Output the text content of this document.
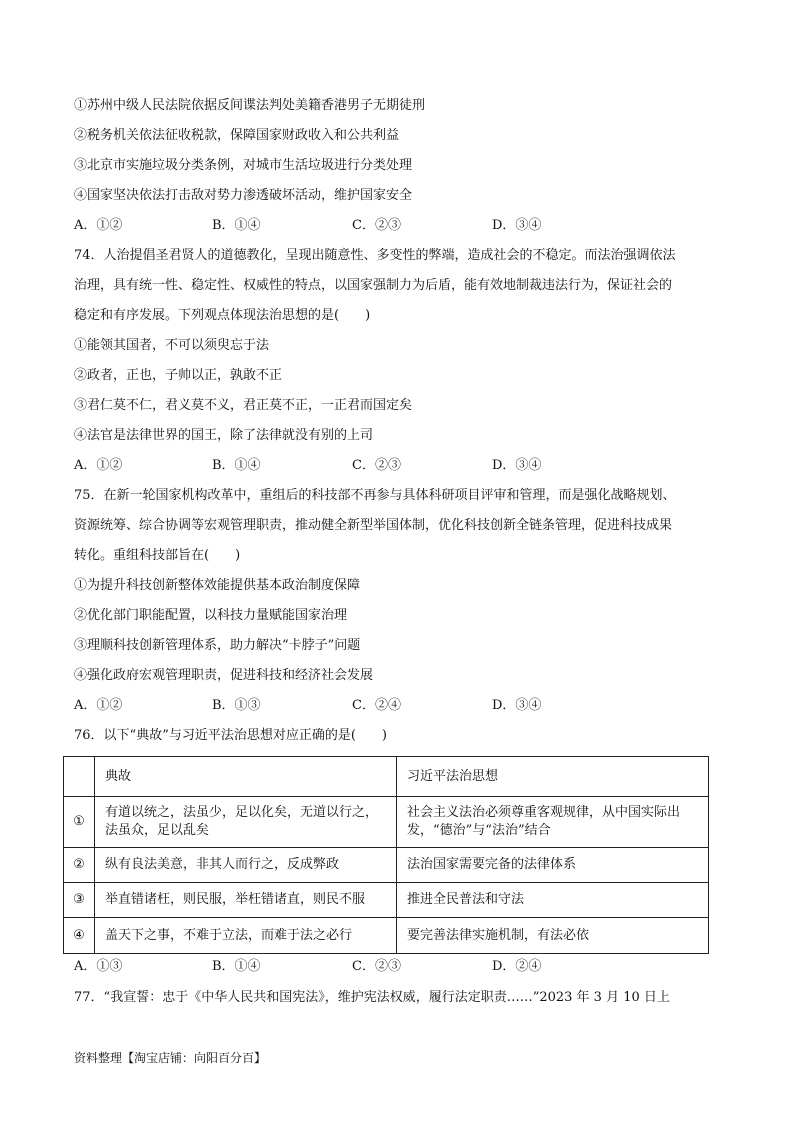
①苏州中级人民法院依据反间谍法判处美籍香港男子无期徒刑
②税务机关依法征收税款，保障国家财政收入和公共利益
③北京市实施垃圾分类条例，对城市生活垃圾进行分类处理
④国家坚决依法打击敌对势力渗透破坏活动，维护国家安全
A．①②	B．①④	C．②③	D．③④
74．人治提倡圣君贤人的道德教化，呈现出随意性、多变性的弊端，造成社会的不稳定。而法治强调依法
治理，具有统一性、稳定性、权威性的特点，以国家强制力为后盾，能有效地制裁违法行为，保证社会的
稳定和有序发展。下列观点体现法治思想的是(　　)
①能领其国者，不可以须臾忘于法
②政者，正也，子帅以正，孰敢不正
③君仁莫不仁，君义莫不义，君正莫不正，一正君而国定矣
④法官是法律世界的国王，除了法律就没有别的上司
A．①②	B．①④	C．②③	D．③④
75．在新一轮国家机构改革中，重组后的科技部不再参与具体科研项目评审和管理，而是强化战略规划、
资源统筹、综合协调等宏观管理职责，推动健全新型举国体制，优化科技创新全链条管理，促进科技成果
转化。重组科技部旨在(　　)
①为提升科技创新整体效能提供基本政治制度保障
②优化部门职能配置，以科技力量赋能国家治理
③理顺科技创新管理体系，助力解决“卡脖子”问题
④强化政府宏观管理职责，促进科技和经济社会发展
A．①②	B．①③	C．②④	D．③④
76．以下“典故”与习近平法治思想对应正确的是(　　)
	典故	习近平法治思想
①	有道以统之，法虽少，足以化矣，无道以行之，法虽众，足以乱矣	社会主义法治必须尊重客观规律，从中国实际出发，“德治”与“法治”结合
②	纵有良法美意，非其人而行之，反成弊政	法治国家需要完备的法律体系
③	举直错诸枉，则民服，举枉错诸直，则民不服	推进全民普法和守法
④	盖天下之事，不难于立法，而难于法之必行	要完善法律实施机制，有法必依
A．①③	B．①④	C．②③	D．②④
77．“我宣誓：忠于《中华人民共和国宪法》，维护宪法权威，履行法定职责……”2023 年 3 月 10 日上
资料整理【淘宝店铺：向阳百分百】
